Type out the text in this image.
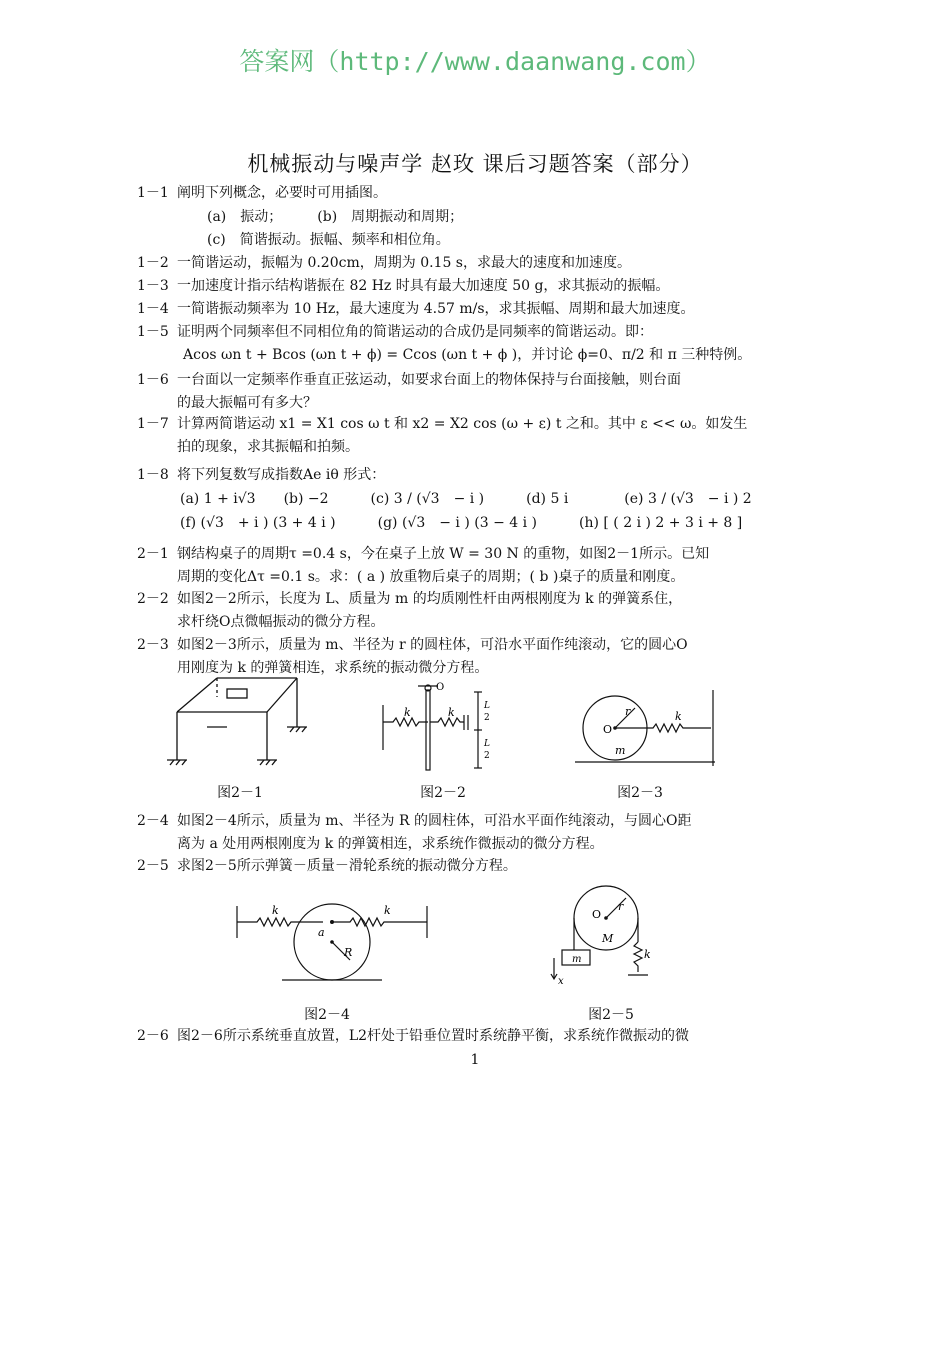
答案网（http://www.daanwang.com）
机械振动与噪声学 赵玫 课后习题答案（部分）
1－1 阐明下列概念，必要时可用插图。
(a)　振动；　　　(b)　周期振动和周期；
(c)　简谐振动。振幅、频率和相位角。
1－2 一简谐运动，振幅为 0.20cm，周期为 0.15 s，求最大的速度和加速度。
1－3 一加速度计指示结构谐振在 82 Hz 时具有最大加速度 50 g，求其振动的振幅。
1－4 一简谐振动频率为 10 Hz，最大速度为 4.57 m/s，求其振幅、周期和最大加速度。
1－5 证明两个同频率但不同相位角的简谐运动的合成仍是同频率的简谐运动。即：
Acos ωn t + Bcos (ωn t + ϕ) = Ccos (ωn t + ϕ )，并讨论 ϕ=0、π/2 和 π 三种特例。
1－6 一台面以一定频率作垂直正弦运动，如要求台面上的物体保持与台面接触，则台面
的最大振幅可有多大？
1－7 计算两简谐运动 x1 = X1 cos ω t 和 x2 = X2 cos (ω + ε) t 之和。其中 ε << ω。如发生
拍的现象，求其振幅和拍频。
1－8 将下列复数写成指数Ae iθ 形式：
(a) 1 + i√3　　(b) −2　　　(c) 3 / (√3　− i )　　　(d) 5 i　　　　(e) 3 / (√3　− i ) 2
(f) (√3　+ i ) (3 + 4 i )　　　(g) (√3　− i ) (3 − 4 i )　　　(h) [ ( 2 i ) 2 + 3 i + 8 ]
2－1 钢结构桌子的周期τ =0.4 s，今在桌子上放 W = 30 N 的重物，如图2－1所示。已知
周期的变化Δτ =0.1 s。求：( a ) 放重物后桌子的周期；( b )桌子的质量和刚度。
2－2 如图2－2所示，长度为 L、质量为 m 的均质刚性杆由两根刚度为 k 的弹簧系住，
求杆绕O点微幅振动的微分方程。
2－3 如图2－3所示，质量为 m、半径为 r 的圆柱体，可沿水平面作纯滚动，它的圆心O
用刚度为 k 的弹簧相连，求系统的振动微分方程。
2－4 如图2－4所示，质量为 m、半径为 R 的圆柱体，可沿水平面作纯滚动，与圆心O距
离为 a 处用两根刚度为 k 的弹簧相连，求系统作微振动的微分方程。
2－5 求图2－5所示弹簧－质量－滑轮系统的振动微分方程。
2－6 图2－6所示系统垂直放置，L2杆处于铅垂位置时系统静平衡，求系统作微振动的微
图2－1
k	k
O
L
2
L
2
图2－2
O
r
m
k
图2－3
k	k
a
R
图2－4
O
r
M
m	k
x
图2－5
1
